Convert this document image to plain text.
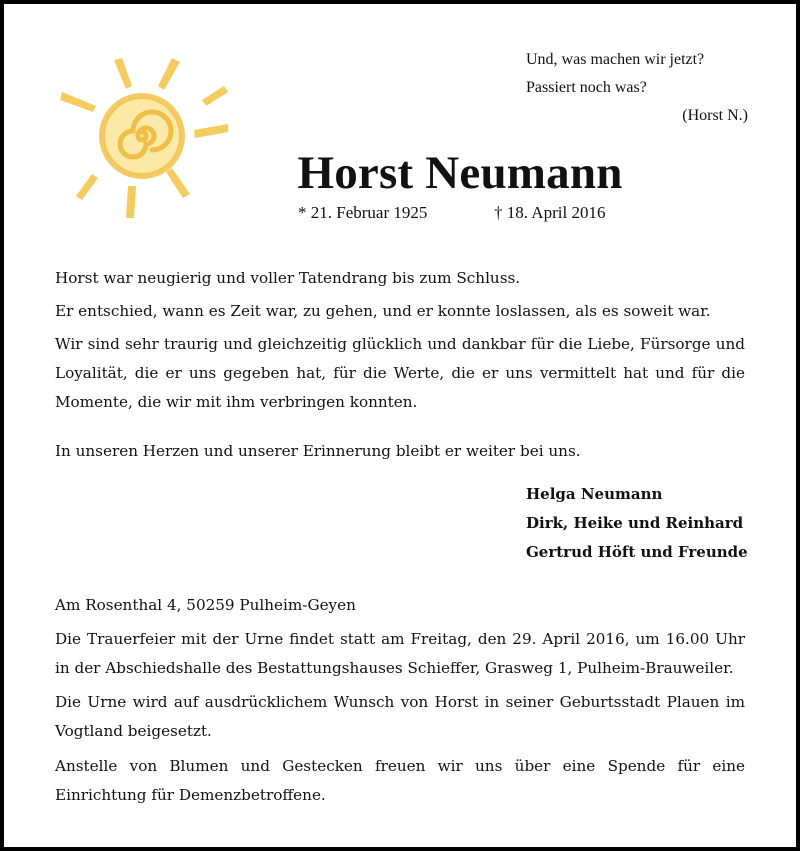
Und, was machen wir jetzt?
Passiert noch was?
(Horst N.)
Horst Neumann
* 21. Februar 1925	† 18. April 2016
Horst war neugierig und voller Tatendrang bis zum Schluss.
Er entschied, wann es Zeit war, zu gehen, und er konnte loslassen, als es soweit war.
Wir sind sehr traurig und gleichzeitig glücklich und dankbar für die Liebe, Fürsorge und Loyalität, die er uns gegeben hat, für die Werte, die er uns vermittelt hat und für die Momente, die wir mit ihm verbringen konnten.
In unseren Herzen und unserer Erinnerung bleibt er weiter bei uns.
Helga Neumann
Dirk, Heike und Reinhard
Gertrud Höft und Freunde
Am Rosenthal 4, 50259 Pulheim-Geyen
Die Trauerfeier mit der Urne findet statt am Freitag, den 29. April 2016, um 16.00 Uhr in der Abschiedshalle des Bestattungshauses Schieffer, Grasweg 1, Pulheim-Brauweiler.
Die Urne wird auf ausdrücklichem Wunsch von Horst in seiner Geburtsstadt Plauen im Vogtland beigesetzt.
Anstelle von Blumen und Gestecken freuen wir uns über eine Spende für eine Einrichtung für Demenzbetroffene.
